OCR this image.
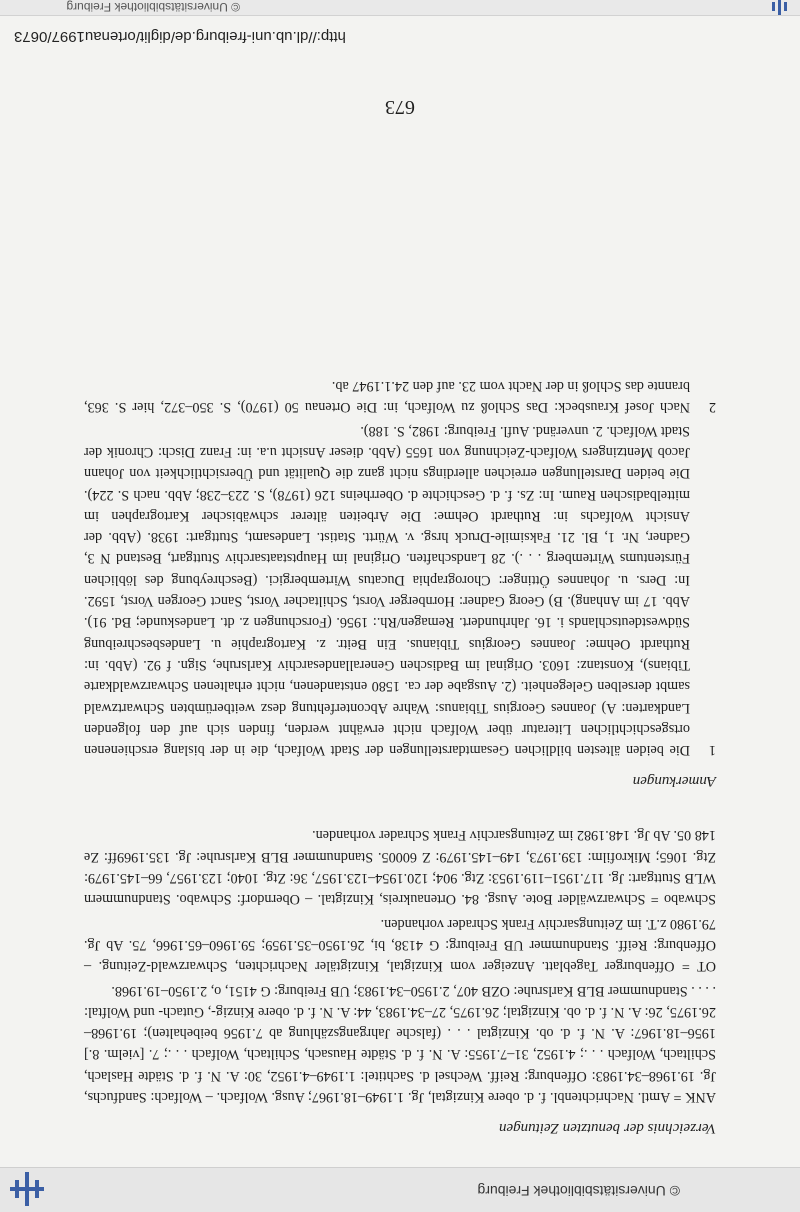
© Universitätsbibliothek Freiburg

Verzeichnis der benutzten Zeitungen

ANK = Amtl. Nachrichtenbl. f. d. obere Kinzigtal, Jg. 1.1949–18.1967; Ausg. Wolfach. – Wolfach: Sandfuchs, Jg. 19.1968–34.1983: Offenburg: Reiff. Wechsel d. Sachtitel: 1.1949–4.1952, 30: A. N. f. d. Städte Haslach, Schiltach, Wolfach . . .; 4.1952, 31–7.1955: A. N. f. d. Städte Hausach, Schiltach, Wolfach . . .; 7. [vielm. 8.] 1956–18.1967: A. N. f. d. ob. Kinzigtal . . . (falsche Jahrgangszählung ab 7.1956 beibehalten); 19.1968–26.1975, 26: A. N. f. d. ob. Kinzigtal; 26.1975, 27–34.1983, 44: A. N. f. d. obere Kinzig-, Gutach- und Wolftal: . . . . Standnummer BLB Karlsruhe: OZB 407, 2.1950–34.1983; UB Freiburg: G 4151, o, 2.1950–19.1968.

OT = Offenburger Tageblatt. Anzeiger vom Kinzigtal, Kinzigtäler Nachrichten, Schwarzwald-Zeitung. – Offenburg: Reiff. Standnummer UB Freiburg: G 4138, bi, 26.1950–35.1959; 59.1960–65.1966, 75. Ab Jg. 79.1980 z.T. im Zeitungsarchiv Frank Schrader vorhanden.

Schwabo = Schwarzwälder Bote. Ausg. 84. Ortenaukreis, Kinzigtal. – Oberndorf: Schwabo. Standnummern WLB Stuttgart: Jg. 117.1951–119.1953: Ztg. 904; 120.1954–123.1957, 36: Ztg. 1040; 123.1957, 66–145.1979: Ztg. 1065; Mikrofilm: 139.1973, 149–145.1979: Z 60005. Standnummer BLB Karlsruhe: Jg. 135.1969ff: Ze 148 05. Ab Jg. 148.1982 im Zeitungsarchiv Frank Schrader vorhanden.

Anmerkungen

1Die beiden ältesten bildlichen Gesamtdarstellungen der Stadt Wolfach, die in der bislang erschienenen ortsgeschichtlichen Literatur über Wolfach nicht erwähnt werden, finden sich auf den folgenden Landkarten: A) Joannes Georgius Tibianus: Wahre Abconterfehtung desz weitberümbten Schwartzwald sambt derselben Gelegenheit. (2. Ausgabe der ca. 1580 entstandenen, nicht erhaltenen Schwarzwaldkarte Tibians), Konstanz: 1603. Original im Badischen Generallandesarchiv Karlsruhe, Sign. f 92. (Abb. in: Ruthardt Oehme: Joannes Georgius Tibianus. Ein Beitr. z. Kartographie u. Landesbeschreibung Südwestdeutschlands i. 16. Jahrhundert. Remagen/Rh.: 1956. (Forschungen z. dt. Landeskunde; Bd. 91). Abb. 17 im Anhang). B) Georg Gadner: Hornberger Vorst, Schiltacher Vorst, Sanct Georgen Vorst, 1592. In: Ders. u. Johannes Öttinger: Chorographia Ducatus Wirtembergici. (Beschreybung des löblichen Fürstentums Wirtemberg . . .). 28 Landschaften. Original im Hauptstaatsarchiv Stuttgart, Bestand N 3, Gadner, Nr. 1, Bl. 21. Faksimile-Druck hrsg. v. Württ. Statist. Landesamt, Stuttgart: 1938. (Abb. der Ansicht Wolfachs in: Ruthardt Oehme: Die Arbeiten älterer schwäbischer Kartographen im mittelbadischen Raum. In: Zs. f. d. Geschichte d. Oberrheins 126 (1978), S. 223–238; Abb. nach S. 224). Die beiden Darstellungen erreichen allerdings nicht ganz die Qualität und Übersichtlichkeit von Johann Jacob Mentzingers Wolfach-Zeichnung von 1655 (Abb. dieser Ansicht u.a. in: Franz Disch: Chronik der Stadt Wolfach. 2. unveränd. Aufl. Freiburg: 1982, S. 188).

2Nach Josef Krausbeck: Das Schloß zu Wolfach, in: Die Ortenau 50 (1970), S. 350–372, hier S. 363, brannte das Schloß in der Nacht vom 23. auf den 24.1.1947 ab.

673
http://dl.ub.uni-freiburg.de/diglit/ortenau1997/0673
© Universitätsbibliothek Freiburg
